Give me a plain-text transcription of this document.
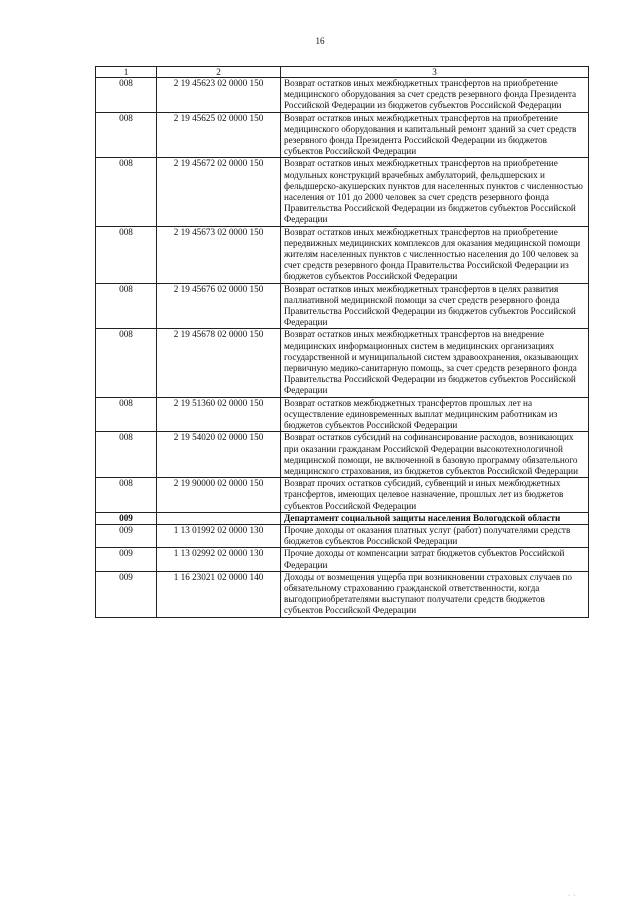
16
1	2	3
008	2 19 45623 02 0000 150	Возврат остатков иных межбюджетных трансфертов на приобретение медицинского оборудования за счет средств резервного фонда Президента Российской Федерации из бюджетов субъектов Российской Федерации
008	2 19 45625 02 0000 150	Возврат остатков иных межбюджетных трансфертов на приобретение медицинского оборудования и капитальный ремонт зданий за счет средств резервного фонда Президента Российской Федерации из бюджетов субъектов Российской Федерации
008	2 19 45672 02 0000 150	Возврат остатков иных межбюджетных трансфертов на приобретение модульных конструкций врачебных амбулаторий, фельдшерских и фельдшерско-акушерских пунктов для населенных пунктов с численностью населения от 101 до 2000 человек за счет средств резервного фонда Правительства Российской Федерации из бюджетов субъектов Российской Федерации
008	2 19 45673 02 0000 150	Возврат остатков иных межбюджетных трансфертов на приобретение передвижных медицинских комплексов для оказания медицинской помощи жителям населенных пунктов с численностью населения до 100 человек за счет средств резервного фонда Правительства Российской Федерации из бюджетов субъектов Российской Федерации
008	2 19 45676 02 0000 150	Возврат остатков иных межбюджетных трансфертов в целях развития паллиативной медицинской помощи за счет средств резервного фонда Правительства Российской Федерации из бюджетов субъектов Российской Федерации
008	2 19 45678 02 0000 150	Возврат остатков иных межбюджетных трансфертов на внедрение медицинских информационных систем в медицинских организациях государственной и муниципальной систем здравоохранения, оказывающих первичную медико-санитарную помощь, за счет средств резервного фонда Правительства Российской Федерации из бюджетов субъектов Российской Федерации
008	2 19 51360 02 0000 150	Возврат остатков межбюджетных трансфертов прошлых лет на осуществление единовременных выплат медицинским работникам из бюджетов субъектов Российской Федерации
008	2 19 54020 02 0000 150	Возврат остатков субсидий на софинансирование расходов, возникающих при оказании гражданам Российской Федерации высокотехнологичной медицинской помощи, не включенной в базовую программу обязательного медицинского страхования, из бюджетов субъектов Российской Федерации
008	2 19 90000 02 0000 150	Возврат прочих остатков субсидий, субвенций и иных межбюджетных трансфертов, имеющих целевое назначение, прошлых лет из бюджетов субъектов Российской Федерации
009		Департамент социальной защиты населения Вологодской области
009	1 13 01992 02 0000 130	Прочие доходы от оказания платных услуг (работ) получателями средств бюджетов субъектов Российской Федерации
009	1 13 02992 02 0000 130	Прочие доходы от компенсации затрат бюджетов субъектов Российской Федерации
009	1 16 23021 02 0000 140	Доходы от возмещения ущерба при возникновении страховых случаев по обязательному страхованию гражданской ответственности, когда выгодоприобретателями выступают получатели средств бюджетов субъектов Российской Федерации
· ·
